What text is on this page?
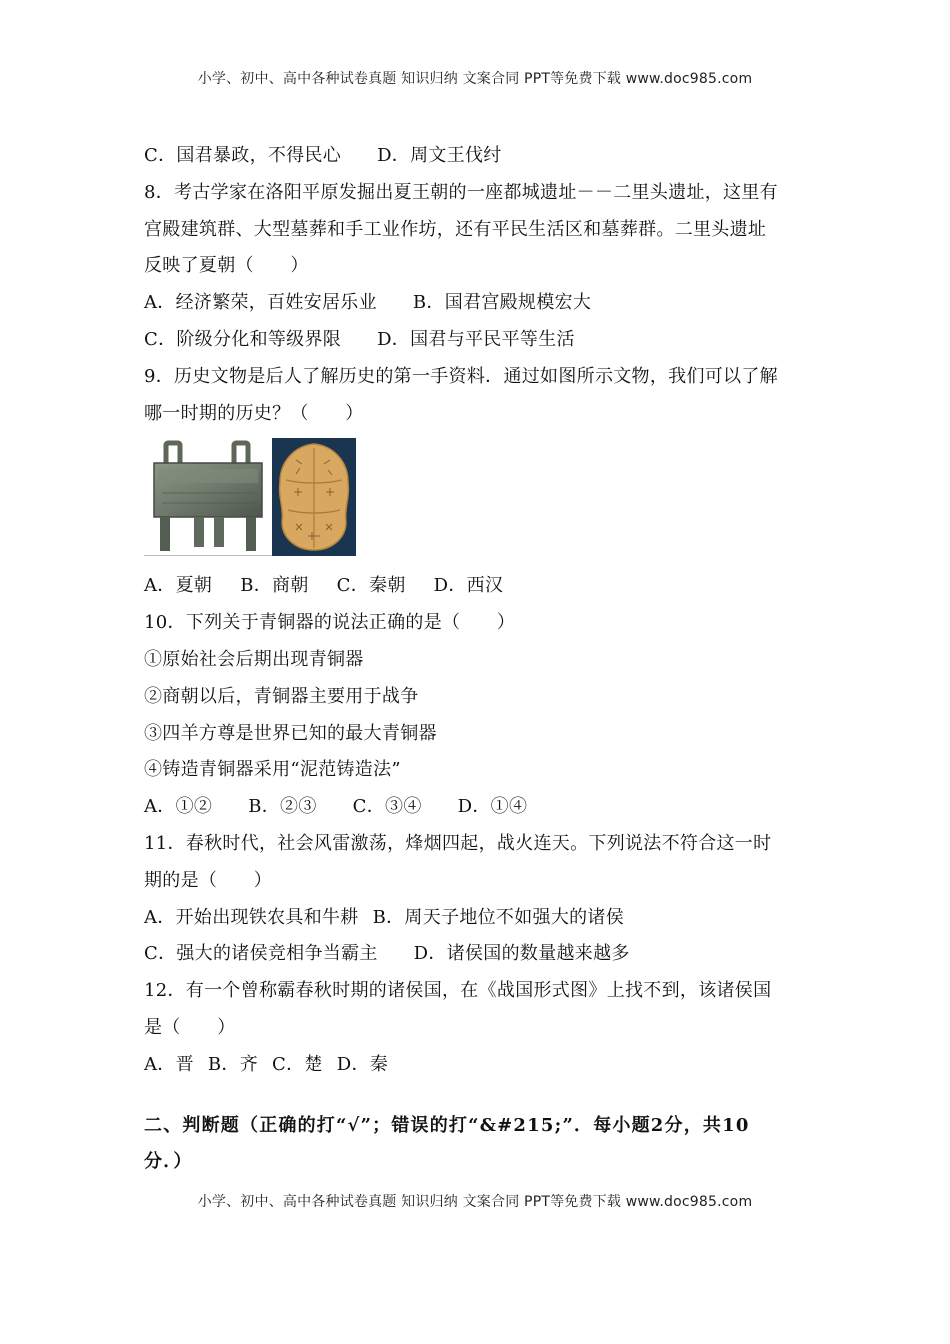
小学、初中、高中各种试卷真题 知识归纳 文案合同 PPT等免费下载 www.doc985.com
C．国君暴政，不得民心 D．周文王伐纣
8．考古学家在洛阳平原发掘出夏王朝的一座都城遗址－－二里头遗址，这里有
宫殿建筑群、大型墓葬和手工业作坊，还有平民生活区和墓葬群。二里头遗址
反映了夏朝（　　）
A．经济繁荣，百姓安居乐业 B．国君宫殿规模宏大
C．阶级分化和等级界限 D．国君与平民平等生活
9．历史文物是后人了解历史的第一手资料．通过如图所示文物，我们可以了解
哪一时期的历史？（　　）
A．夏朝 B．商朝 C．秦朝 D．西汉
10．下列关于青铜器的说法正确的是（　　）
①原始社会后期出现青铜器
②商朝以后，青铜器主要用于战争
③四羊方尊是世界已知的最大青铜器
④铸造青铜器采用“泥范铸造法”
A．①② B．②③ C．③④ D．①④
11．春秋时代，社会风雷激荡，烽烟四起，战火连天。下列说法不符合这一时
期的是（　　）
A．开始出现铁农具和牛耕 B．周天子地位不如强大的诸侯
C．强大的诸侯竞相争当霸主 D．诸侯国的数量越来越多
12．有一个曾称霸春秋时期的诸侯国，在《战国形式图》上找不到，该诸侯国
是（　　）
A．晋 B．齐 C．楚 D．秦
二、判断题（正确的打“√”；错误的打“&#215;”．每小题2分，共10
分．）
小学、初中、高中各种试卷真题 知识归纳 文案合同 PPT等免费下载 www.doc985.com
